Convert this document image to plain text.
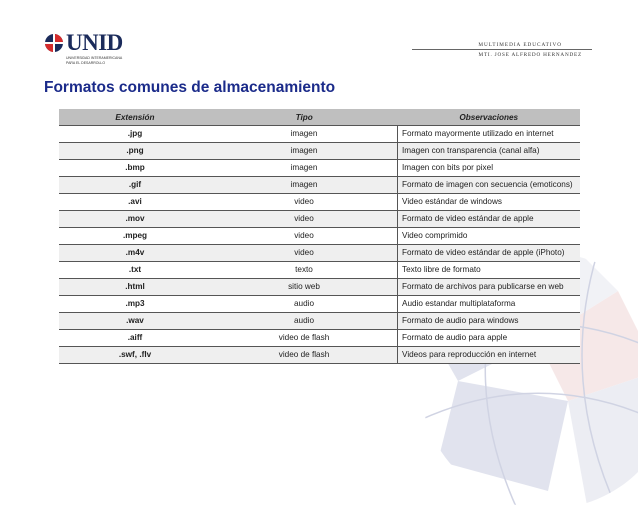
UNID
UNIVERSIDAD INTERAMERICANA PARA EL DESARROLLO
MULTIMEDIA EDUCATIVO
MTI. JOSE ALFREDO HERNANDEZ
Formatos comunes de almacenamiento
Extensión	Tipo	Observaciones
.jpg	imagen	Formato mayormente utilizado en internet
.png	imagen	Imagen con transparencia (canal alfa)
.bmp	imagen	Imagen con bits por pixel
.gif	imagen	Formato de imagen con secuencia (emoticons)
.avi	video	Video estándar de windows
.mov	video	Formato de video estándar de apple
.mpeg	video	Video comprimido
.m4v	video	Formato de video estándar de apple (iPhoto)
.txt	texto	Texto libre de formato
.html	sitio web	Formato de archivos para publicarse en web
.mp3	audio	Audio estandar multiplataforma
.wav	audio	Formato de audio para windows
.aiff	video de flash	Formato de audio para apple
.swf, .flv	video de flash	Videos para reproducción en internet
